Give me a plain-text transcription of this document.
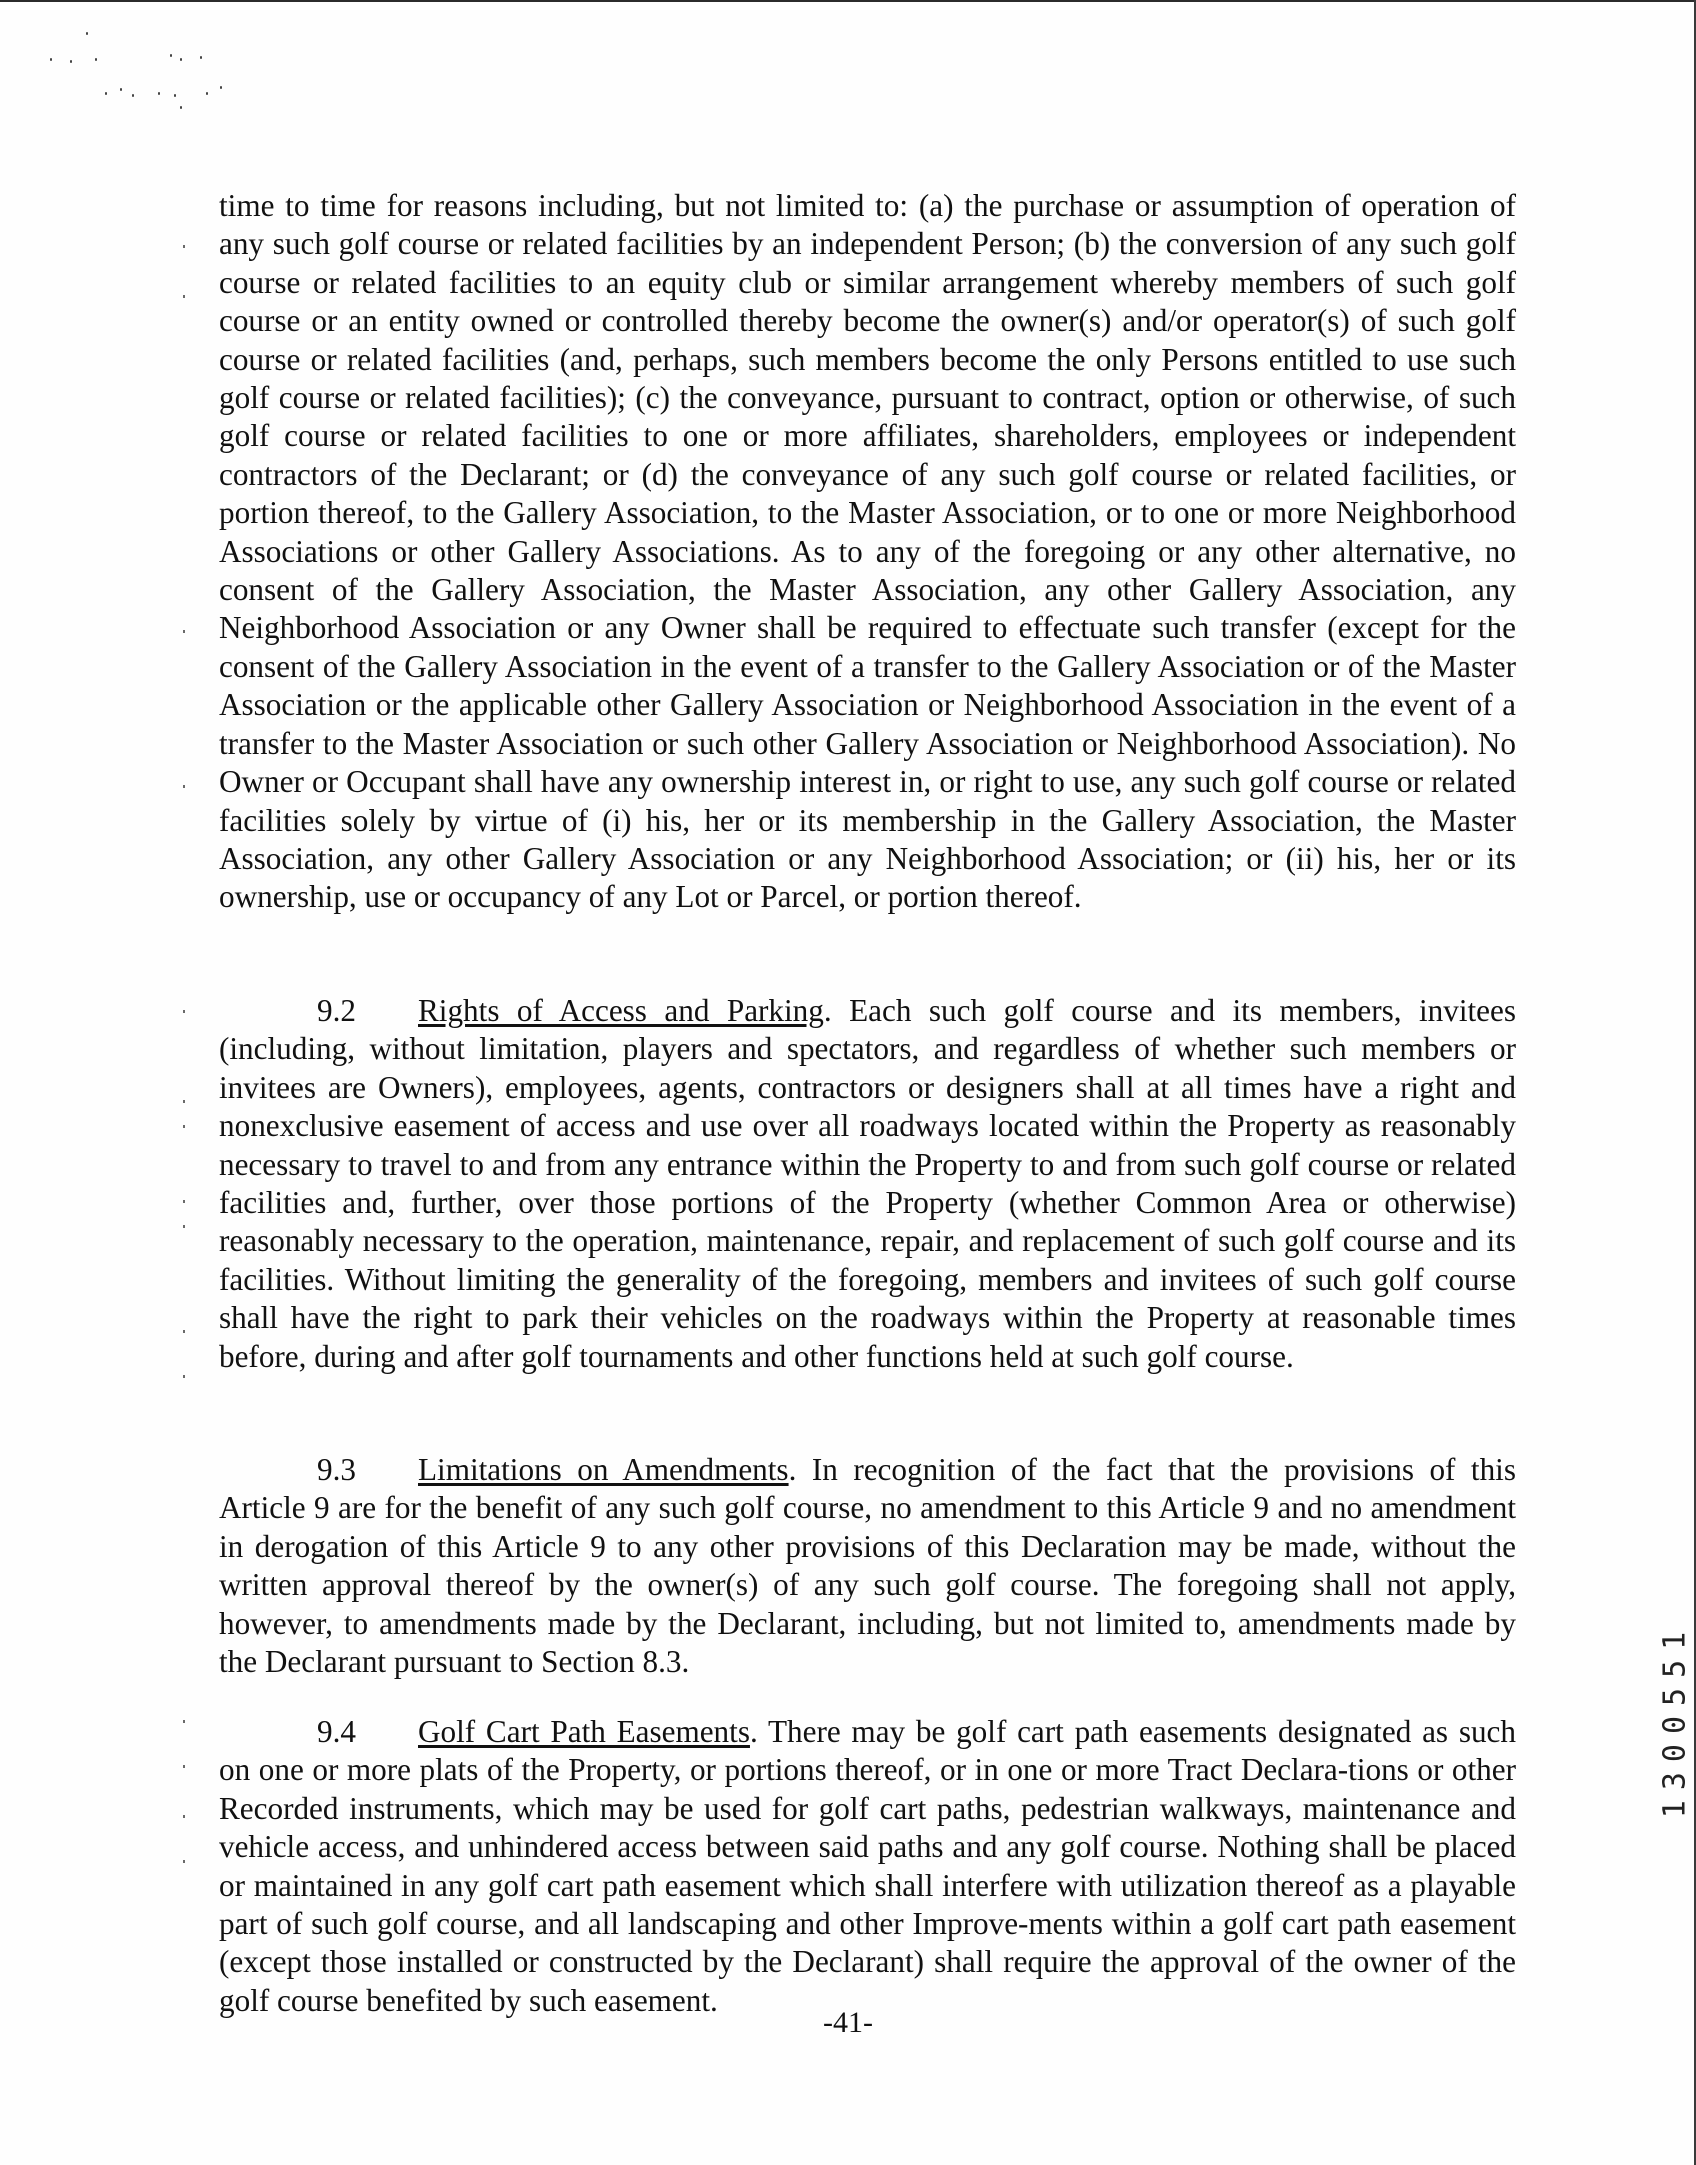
time to time for reasons including, but not limited to: (a) the purchase or assumption of operation of any such golf course or related facilities by an independent Person; (b) the conversion of any such golf course or related facilities to an equity club or similar arrangement whereby members of such golf course or an entity owned or controlled thereby become the owner(s) and/or operator(s) of such golf course or related facilities (and, perhaps, such members become the only Persons entitled to use such golf course or related facilities); (c) the conveyance, pursuant to contract, option or otherwise, of such golf course or related facilities to one or more affiliates, shareholders, employees or independent contractors of the Declarant; or (d) the conveyance of any such golf course or related facilities, or portion thereof, to the Gallery Association, to the Master Association, or to one or more Neighborhood Associations or other Gallery Associations. As to any of the foregoing or any other alternative, no consent of the Gallery Association, the Master Association, any other Gallery Association, any Neighborhood Association or any Owner shall be required to effectuate such transfer (except for the consent of the Gallery Association in the event of a transfer to the Gallery Association or of the Master Association or the applicable other Gallery Association or Neighborhood Association in the event of a transfer to the Master Association or such other Gallery Association or Neighborhood Association). No Owner or Occupant shall have any ownership interest in, or right to use, any such golf course or related facilities solely by virtue of (i) his, her or its membership in the Gallery Association, the Master Association, any other Gallery Association or any Neighborhood Association; or (ii) his, her or its ownership, use or occupancy of any Lot or Parcel, or portion thereof.

9.2 Rights of Access and Parking. Each such golf course and its members, invitees (including, without limitation, players and spectators, and regardless of whether such members or invitees are Owners), employees, agents, contractors or designers shall at all times have a right and nonexclusive easement of access and use over all roadways located within the Property as reasonably necessary to travel to and from any entrance within the Property to and from such golf course or related facilities and, further, over those portions of the Property (whether Common Area or otherwise) reasonably necessary to the operation, maintenance, repair, and replacement of such golf course and its facilities. Without limiting the generality of the foregoing, members and invitees of such golf course shall have the right to park their vehicles on the roadways within the Property at reasonable times before, during and after golf tournaments and other functions held at such golf course.

9.3 Limitations on Amendments. In recognition of the fact that the provisions of this Article 9 are for the benefit of any such golf course, no amendment to this Article 9 and no amendment in derogation of this Article 9 to any other provisions of this Declaration may be made, without the written approval thereof by the owner(s) of any such golf course. The foregoing shall not apply, however, to amendments made by the Declarant, including, but not limited to, amendments made by the Declarant pursuant to Section 8.3.

9.4 Golf Cart Path Easements. There may be golf cart path easements designated as such on one or more plats of the Property, or portions thereof, or in one or more Tract Declara-tions or other Recorded instruments, which may be used for golf cart paths, pedestrian walkways, maintenance and vehicle access, and unhindered access between said paths and any golf course. Nothing shall be placed or maintained in any golf cart path easement which shall interfere with utilization thereof as a playable part of such golf course, and all landscaping and other Improve-ments within a golf cart path easement (except those installed or constructed by the Declarant) shall require the approval of the owner of the golf course benefited by such easement.

-41-
1300551
